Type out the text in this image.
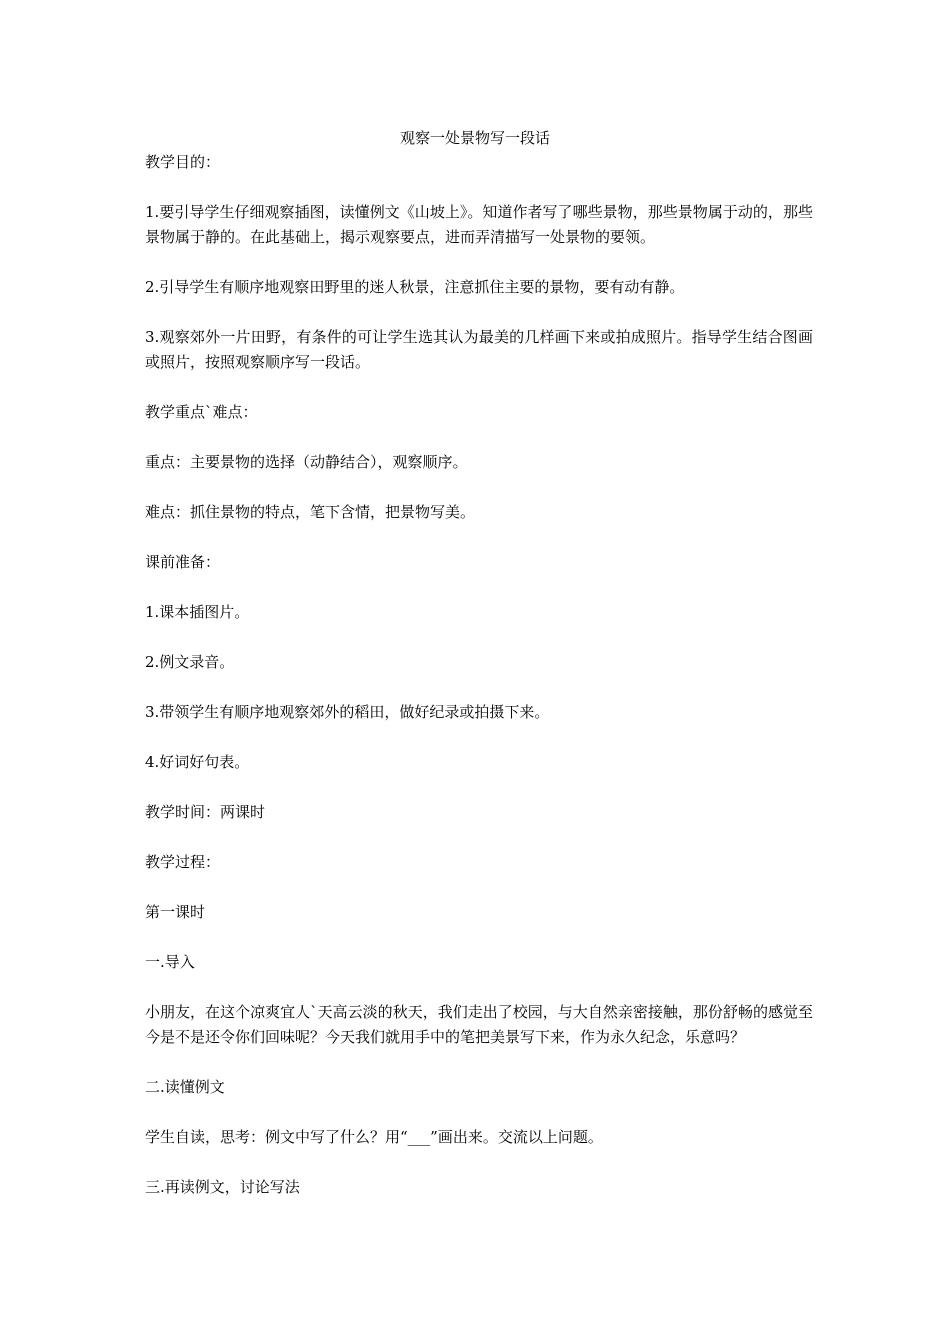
观察一处景物写一段话

教学目的：

1.要引导学生仔细观察插图，读懂例文《山坡上》。知道作者写了哪些景物，那些景物属于动的，那些景物属于静的。在此基础上，揭示观察要点，进而弄清描写一处景物的要领。

2.引导学生有顺序地观察田野里的迷人秋景，注意抓住主要的景物，要有动有静。

3.观察郊外一片田野，有条件的可让学生选其认为最美的几样画下来或拍成照片。指导学生结合图画或照片，按照观察顺序写一段话。

教学重点`难点：

重点：主要景物的选择（动静结合），观察顺序。

难点：抓住景物的特点，笔下含情，把景物写美。

课前准备：

1.课本插图片。

2.例文录音。

3.带领学生有顺序地观察郊外的稻田，做好纪录或拍摄下来。

4.好词好句表。

教学时间：两课时

教学过程：

第一课时

一.导入

小朋友，在这个凉爽宜人`天高云淡的秋天，我们走出了校园，与大自然亲密接触，那份舒畅的感觉至今是不是还令你们回味呢？今天我们就用手中的笔把美景写下来，作为永久纪念，乐意吗？

二.读懂例文

学生自读，思考：例文中写了什么？用“___”画出来。交流以上问题。

三.再读例文，讨论写法
